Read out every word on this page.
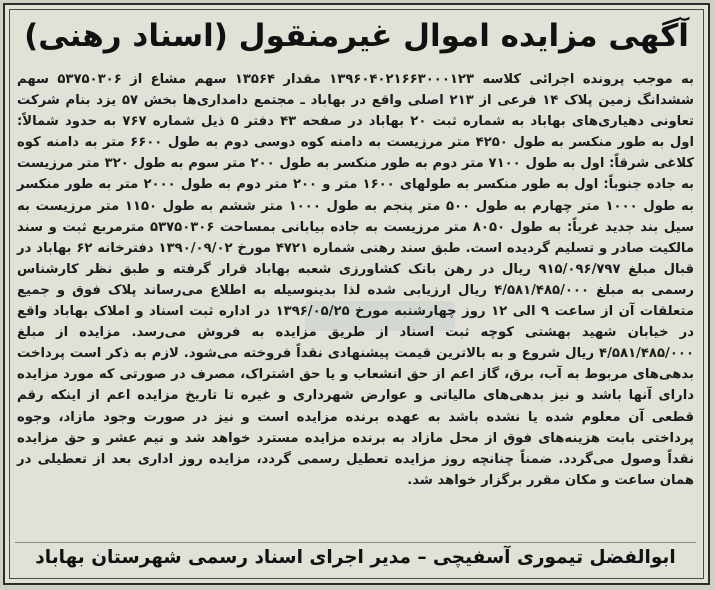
آگهی مزایده اموال غیرمنقول (اسناد رهنی)
به موجب پرونده اجرائی کلاسه ۱۳۹۶۰۴۰۲۱۶۶۳۰۰۰۱۲۳ مقدار ۱۳۵۶۴ سهم مشاع از ۵۳۷۵۰۳۰۶ سهم ششدانگ زمین پلاک ۱۴ فرعی از ۲۱۳ اصلی واقع در بهاباد ـ مجتمع دامداری‌ها بخش ۵۷ یزد بنام شرکت تعاونی دهیاری‌های بهاباد به شماره ثبت ۲۰ بهاباد در صفحه ۴۳ دفتر ۵ ذیل شماره ۷۶۷ به حدود شمالاً: اول به طور منکسر به طول ۴۲۵۰ متر مرزیست به دامنه کوه دوسی دوم به طول ۶۶۰۰ متر به دامنه کوه کلاغی شرقاً: اول به طول ۷۱۰۰ متر دوم به طور منکسر به طول ۲۰۰ متر سوم به طول ۳۲۰ متر مرزیست به جاده جنوباً: اول به طور منکسر به طولهای ۱۶۰۰ متر و ۲۰۰ متر دوم به طول ۲۰۰۰ متر به طور منکسر به طول ۱۰۰۰ متر چهارم به طول ۵۰۰ متر پنجم به طول ۱۰۰۰ متر ششم به طول ۱۱۵۰ متر مرزیست به سیل بند جدید غرباً: به طول ۸۰۵۰ متر مرزیست به جاده بیابانی بمساحت ۵۳۷۵۰۳۰۶ مترمربع ثبت و سند مالکیت صادر و تسلیم گردیده است. طبق سند رهنی شماره ۴۷۲۱ مورخ ۱۳۹۰/۰۹/۰۲ دفترخانه ۶۲ بهاباد در قبال مبلغ ۹۱۵/۰۹۶/۷۹۷ ریال در رهن بانک کشاورزی شعبه بهاباد قرار گرفته و طبق نظر کارشناس رسمی به مبلغ ۴/۵۸۱/۴۸۵/۰۰۰ ریال ارزیابی شده لذا بدینوسیله به اطلاع می‌رساند پلاک فوق و جمیع متعلقات آن از ساعت ۹ الی ۱۲ روز چهارشنبه مورخ ۱۳۹۶/۰۵/۲۵ در اداره ثبت اسناد و املاک بهاباد واقع در خیابان شهید بهشتی کوچه ثبت اسناد از طریق مزایده به فروش می‌رسد. مزایده از مبلغ ۴/۵۸۱/۴۸۵/۰۰۰ ریال شروع و به بالاترین قیمت پیشنهادی نقداً فروخته می‌شود. لازم به ذکر است پرداخت بدهی‌های مربوط به آب، برق، گاز اعم از حق انشعاب و یا حق اشتراک، مصرف در صورتی که مورد مزایده دارای آنها باشد و نیز بدهی‌های مالیاتی و عوارض شهرداری و غیره تا تاریخ مزایده اعم از اینکه رقم قطعی آن معلوم شده یا نشده باشد به عهده برنده مزایده است و نیز در صورت وجود مازاد، وجوه پرداختی بابت هزینه‌های فوق از محل مازاد به برنده مزایده مسترد خواهد شد و نیم عشر و حق مزایده نقداً وصول می‌گردد. ضمناً چنانچه روز مزایده تعطیل رسمی گردد، مزایده روز اداری بعد از تعطیلی در همان ساعت و مکان مقرر برگزار خواهد شد.
ابوالفضل تیموری آسفیچی – مدیر اجرای اسناد رسمی شهرستان بهاباد
